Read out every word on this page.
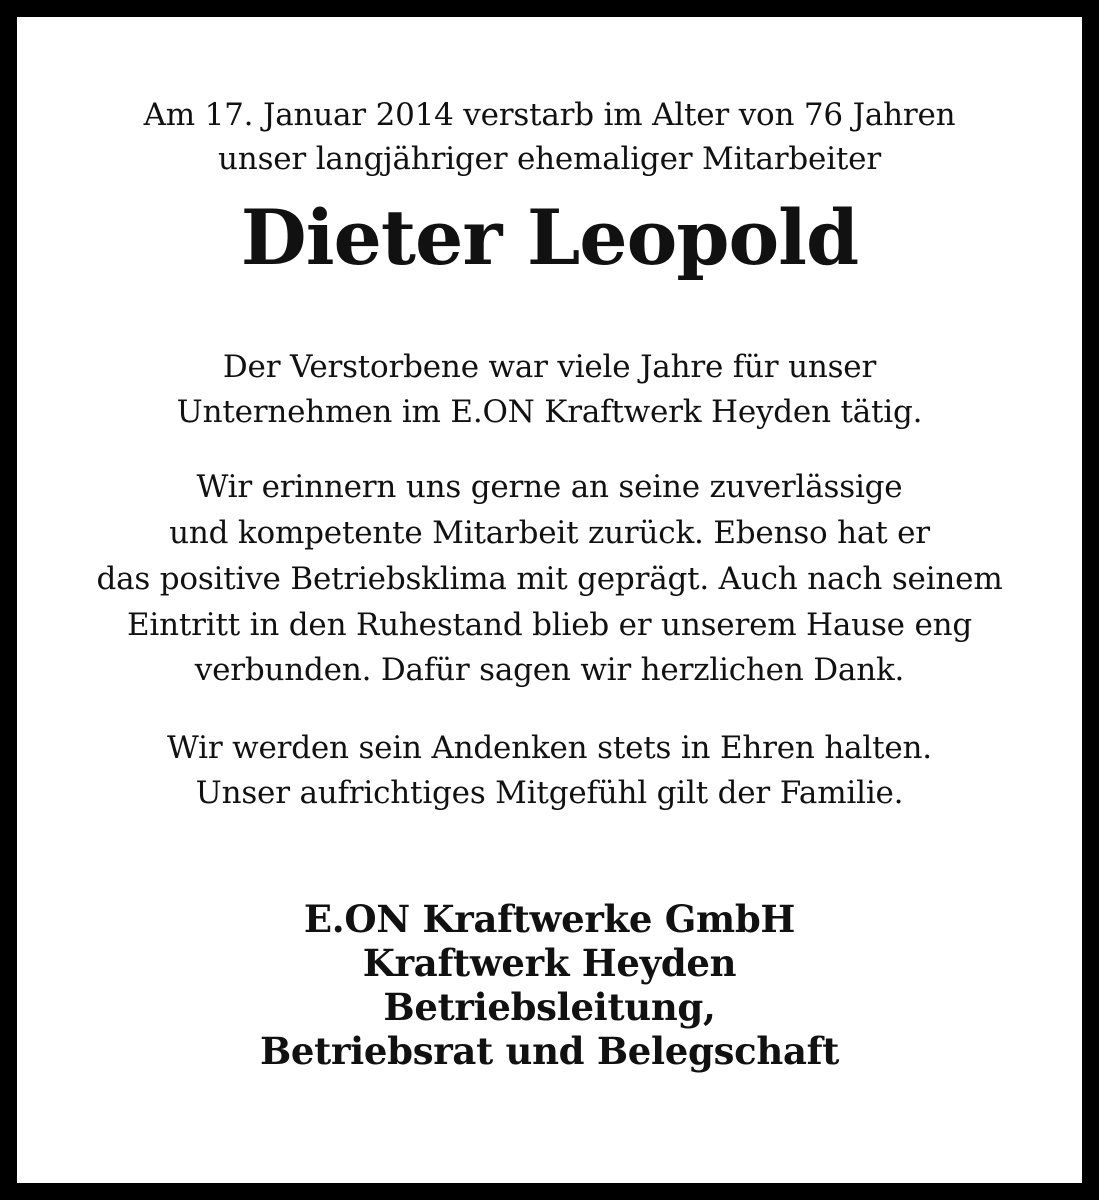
Am 17. Januar 2014 verstarb im Alter von 76 Jahren
unser langjähriger ehemaliger Mitarbeiter
Dieter Leopold
Der Verstorbene war viele Jahre für unser
Unternehmen im E.ON Kraftwerk Heyden tätig.
Wir erinnern uns gerne an seine zuverlässige
und kompetente Mitarbeit zurück. Ebenso hat er
das positive Betriebsklima mit geprägt. Auch nach seinem
Eintritt in den Ruhestand blieb er unserem Hause eng
verbunden. Dafür sagen wir herzlichen Dank.
Wir werden sein Andenken stets in Ehren halten.
Unser aufrichtiges Mitgefühl gilt der Familie.
E.ON Kraftwerke GmbH
Kraftwerk Heyden
Betriebsleitung,
Betriebsrat und Belegschaft
